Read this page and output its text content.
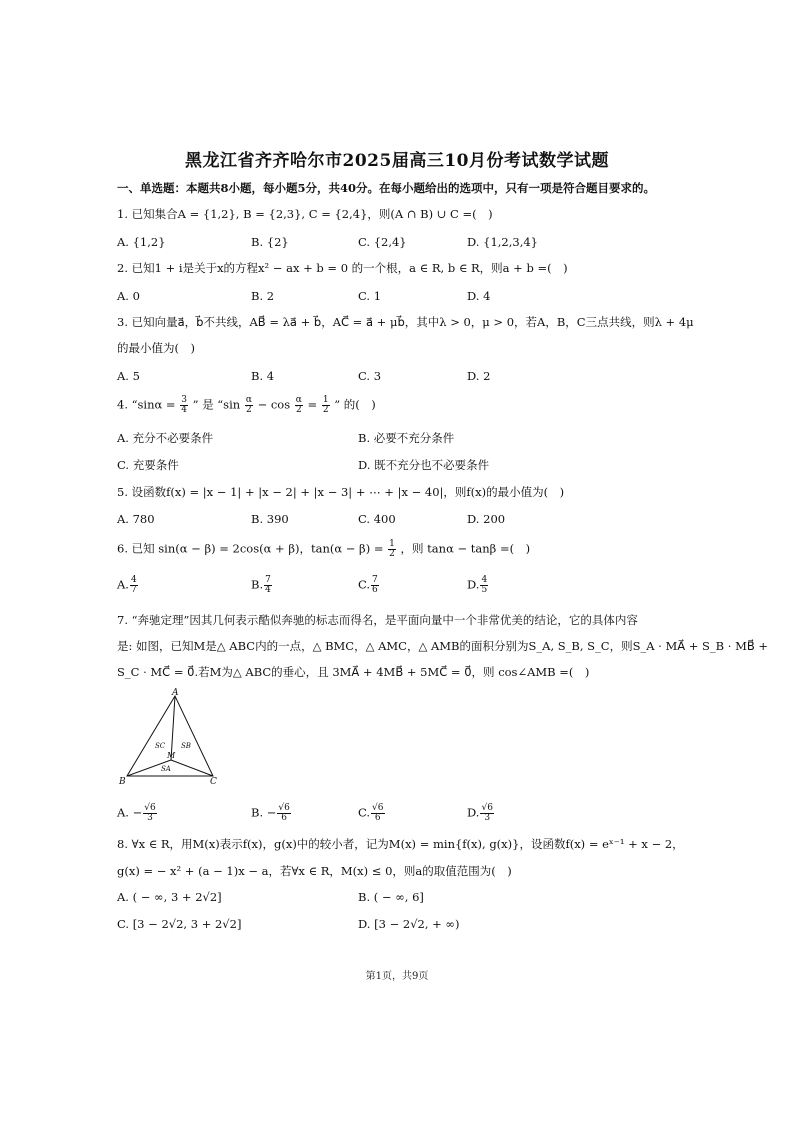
黑龙江省齐齐哈尔市2025届高三10月份考试数学试题
一、单选题：本题共8小题，每小题5分，共40分。在每小题给出的选项中，只有一项是符合题目要求的。
1. 已知集合A = {1,2}, B = {2,3}, C = {2,4}，则(A ∩ B) ∪ C =(　)
A. {1,2}	B. {2}	C. {2,4}	D. {1,2,3,4}
2. 已知1 + i是关于x的方程x² − ax + b = 0 的一个根，a ∈ R, b ∈ R，则a + b =(　)
A. 0	B. 2	C. 1	D. 4
3. 已知向量a⃗，b⃗不共线，AB⃗ = λa⃗ + b⃗，AC⃗ = a⃗ + μb⃗，其中λ > 0，μ > 0，若A，B，C三点共线，则λ + 4μ
的最小值为(　)
A. 5	B. 4	C. 3	D. 2
4. “$\sin\alpha = \frac{3}{4}$ ” 是 “$\sin \frac{\alpha}{2} - \cos \frac{\alpha}{2} = \frac{1}{2}$ ” 的(　)
A. 充分不必要条件	B. 必要不充分条件
C. 充要条件	D. 既不充分也不必要条件
5. 设函数f(x) = |x − 1| + |x − 2| + |x − 3| + ⋯ + |x − 40|，则f(x)的最小值为(　)
A. 780	B. 390	C. 400	D. 200
6. 已知 sin(α − β) = 2cos(α + β)，$\tan(\alpha - \beta) = \frac{1}{2}$ ，则 tanα − tanβ =(　)
A. $\frac{4}{7}$	B. $\frac{7}{4}$	C. $\frac{7}{6}$	D. $\frac{4}{5}$
7. “奔驰定理”因其几何表示酷似奔驰的标志而得名，是平面向量中一个非常优美的结论，它的具体内容
是: 如图，已知M是△ ABC内的一点，△ BMC，△ AMC，△ AMB的面积分别为S_A, S_B, S_C，则S_A · MA⃗ + S_B · MB⃗ +
S_C · MC⃗ = 0⃗.若M为△ ABC的垂心，且 3MA⃗ + 4MB⃗ + 5MC⃗ = 0⃗，则 cos∠AMB =(　)
A
B	C
M
SA
SB
SC
A. − $\frac{√6}{3}$	B. − $\frac{√6}{6}$	C. $\frac{√6}{6}$	D. $\frac{√6}{3}$
8. ∀x ∈ R，用M(x)表示f(x)，g(x)中的较小者，记为M(x) = min{f(x), g(x)}，设函数f(x) = eˣ⁻¹ + x − 2，
g(x) = − x² + (a − 1)x − a，若∀x ∈ R，M(x) ≤ 0，则a的取值范围为(　)
A. ( − ∞, 3 + 2√2]	B. ( − ∞, 6]
C. [3 − 2√2, 3 + 2√2]	D. [3 − 2√2, + ∞)
第1页，共9页
